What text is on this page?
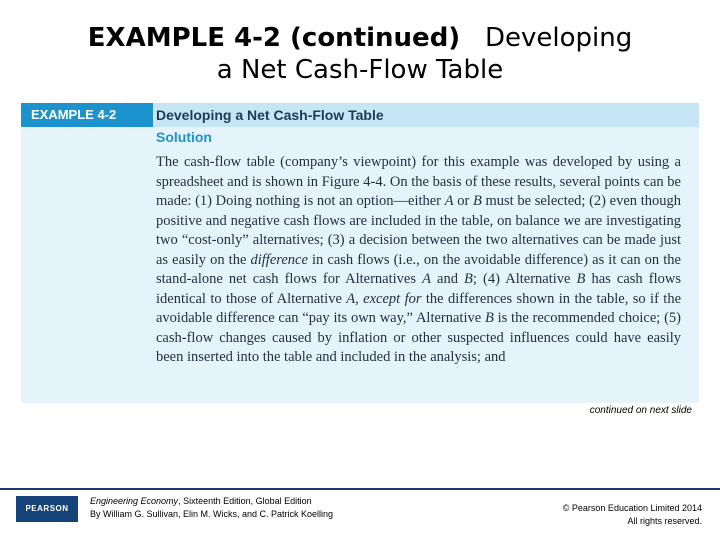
EXAMPLE 4-2 (continued) Developing
a Net Cash-Flow Table
EXAMPLE 4-2	Developing a Net Cash-Flow Table
Solution
The cash-flow table (company’s viewpoint) for this example was developed by using a spreadsheet and is shown in Figure 4-4. On the basis of these results, several points can be made: (1) Doing nothing is not an option—either A or B must be selected; (2) even though positive and negative cash flows are included in the table, on balance we are investigating two “cost-only” alternatives; (3) a decision between the two alternatives can be made just as easily on the difference in cash flows (i.e., on the avoidable difference) as it can on the stand-alone net cash flows for Alternatives A and B; (4) Alternative B has cash flows identical to those of Alternative A, except for the differences shown in the table, so if the avoidable difference can “pay its own way,” Alternative B is the recommended choice; (5) cash-flow changes caused by inflation or other suspected influences could have easily been inserted into the table and included in the analysis; and
continued on next slide
PEARSON
Engineering Economy, Sixteenth Edition, Global Edition
By William G. Sullivan, Elin M. Wicks, and C. Patrick Koelling
© Pearson Education Limited 2014
All rights reserved.
